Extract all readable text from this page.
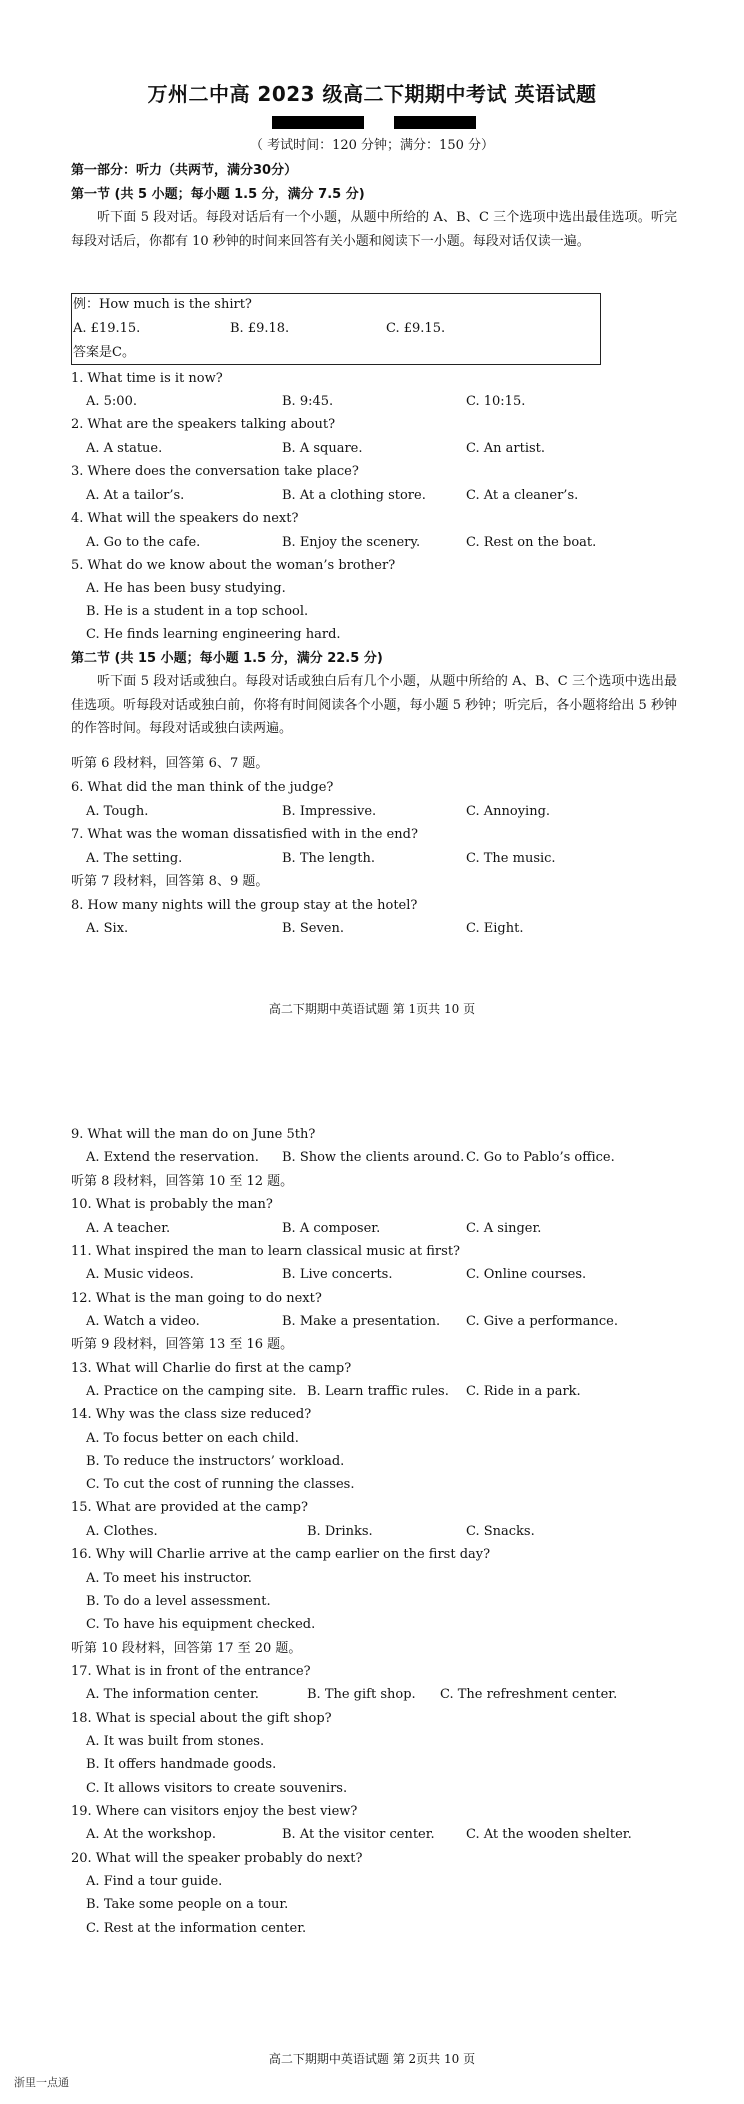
万州二中高 2023 级高二下期期中考试 英语试题
（ 考试时间：120 分钟；满分：150 分）
第一部分：听力（共两节，满分30分）
第一节 (共 5 小题；每小题 1.5 分，满分 7.5 分)
听下面 5 段对话。每段对话后有一个小题，从题中所给的 A、B、C 三个选项中选出最佳选项。听完每段对话后，你都有 10 秒钟的时间来回答有关小题和阅读下一小题。每段对话仅读一遍。
例：How much is the shirt?
A. £19.15.	B. £9.18.	C. £9.15.
答案是C。
1. What time is it now?
A. 5:00.	B. 9:45.	C. 10:15.
2. What are the speakers talking about?
A. A statue.	B. A square.	C. An artist.
3. Where does the conversation take place?
A. At a tailor’s.	B. At a clothing store.	C. At a cleaner’s.
4. What will the speakers do next?
A. Go to the cafe.	B. Enjoy the scenery.	C. Rest on the boat.
5. What do we know about the woman’s brother?
A. He has been busy studying.
B. He is a student in a top school.
C. He finds learning engineering hard.
第二节 (共 15 小题；每小题 1.5 分，满分 22.5 分)
听下面 5 段对话或独白。每段对话或独白后有几个小题，从题中所给的 A、B、C 三个选项中选出最佳选项。听每段对话或独白前，你将有时间阅读各个小题，每小题 5 秒钟；听完后，各小题将给出 5 秒钟的作答时间。每段对话或独白读两遍。
听第 6 段材料，回答第 6、7 题。
6. What did the man think of the judge?
A. Tough.	B. Impressive.	C. Annoying.
7. What was the woman dissatisfied with in the end?
A. The setting.	B. The length.	C. The music.
听第 7 段材料，回答第 8、9 题。
8. How many nights will the group stay at the hotel?
A. Six.	B. Seven.	C. Eight.
高二下期期中英语试题 第 1页共 10 页
9. What will the man do on June 5th?
A. Extend the reservation. B. Show the clients around. C. Go to Pablo’s office.
听第 8 段材料，回答第 10 至 12 题。
10. What is probably the man?
A. A teacher.	B. A composer.	C. A singer.
11. What inspired the man to learn classical music at first?
A. Music videos.	B. Live concerts.	C. Online courses.
12. What is the man going to do next?
A. Watch a video.	B. Make a presentation. C. Give a performance.
听第 9 段材料，回答第 13 至 16 题。
13. What will Charlie do first at the camp?
A. Practice on the camping site. B. Learn traffic rules. C. Ride in a park.
14. Why was the class size reduced?
A. To focus better on each child.
B. To reduce the instructors’ workload.
C. To cut the cost of running the classes.
15. What are provided at the camp?
A. Clothes.	B. Drinks.	C. Snacks.
16. Why will Charlie arrive at the camp earlier on the first day?
A. To meet his instructor.
B. To do a level assessment.
C. To have his equipment checked.
听第 10 段材料，回答第 17 至 20 题。
17. What is in front of the entrance?
A. The information center.	B. The gift shop. C. The refreshment center.
18. What is special about the gift shop?
A. It was built from stones.
B. It offers handmade goods.
C. It allows visitors to create souvenirs.
19. Where can visitors enjoy the best view?
A. At the workshop.	B. At the visitor center. C. At the wooden shelter.
20. What will the speaker probably do next?
A. Find a tour guide.
B. Take some people on a tour.
C. Rest at the information center.
高二下期期中英语试题 第 2页共 10 页
浙里一点通
